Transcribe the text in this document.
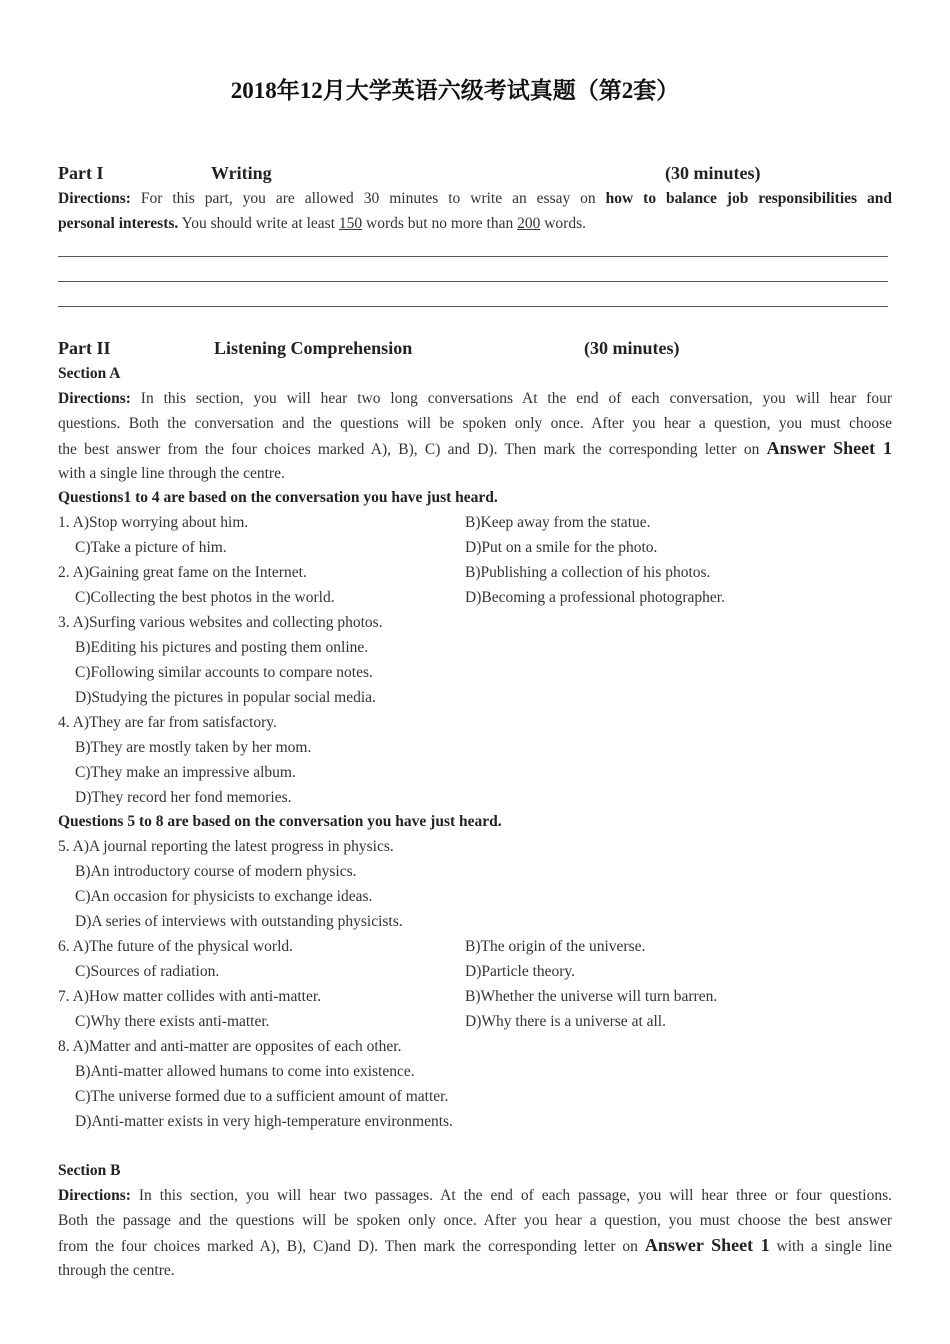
2018年12月大学英语六级考试真题（第2套）
Part I	Writing	(30 minutes)
Directions: For this part, you are allowed 30 minutes to write an essay on how to balance job responsibilities and
personal interests. You should write at least 150 words but no more than 200 words.
Part II	Listening Comprehension	(30 minutes)
Section A
Directions: In this section, you will hear two long conversations At the end of each conversation, you will hear four
questions. Both the conversation and the questions will be spoken only once. After you hear a question, you must choose
the best answer from the four choices marked A), B), C) and D). Then mark the corresponding letter on Answer Sheet 1
with a single line through the centre.
Questions1 to 4 are based on the conversation you have just heard.
1. A)Stop worrying about him.	B)Keep away from the statue.
C)Take a picture of him.	D)Put on a smile for the photo.
2. A)Gaining great fame on the Internet.	B)Publishing a collection of his photos.
C)Collecting the best photos in the world.	D)Becoming a professional photographer.
3. A)Surfing various websites and collecting photos.
B)Editing his pictures and posting them online.
C)Following similar accounts to compare notes.
D)Studying the pictures in popular social media.
4. A)They are far from satisfactory.
B)They are mostly taken by her mom.
C)They make an impressive album.
D)They record her fond memories.
Questions 5 to 8 are based on the conversation you have just heard.
5. A)A journal reporting the latest progress in physics.
B)An introductory course of modern physics.
C)An occasion for physicists to exchange ideas.
D)A series of interviews with outstanding physicists.
6. A)The future of the physical world.	B)The origin of the universe.
C)Sources of radiation.	D)Particle theory.
7. A)How matter collides with anti-matter.	B)Whether the universe will turn barren.
C)Why there exists anti-matter.	D)Why there is a universe at all.
8. A)Matter and anti-matter are opposites of each other.
B)Anti-matter allowed humans to come into existence.
C)The universe formed due to a sufficient amount of matter.
D)Anti-matter exists in very high-temperature environments.
Section B
Directions: In this section, you will hear two passages. At the end of each passage, you will hear three or four questions.
Both the passage and the questions will be spoken only once. After you hear a question, you must choose the best answer
from the four choices marked A), B), C)and D). Then mark the corresponding letter on Answer Sheet 1 with a single line
through the centre.
